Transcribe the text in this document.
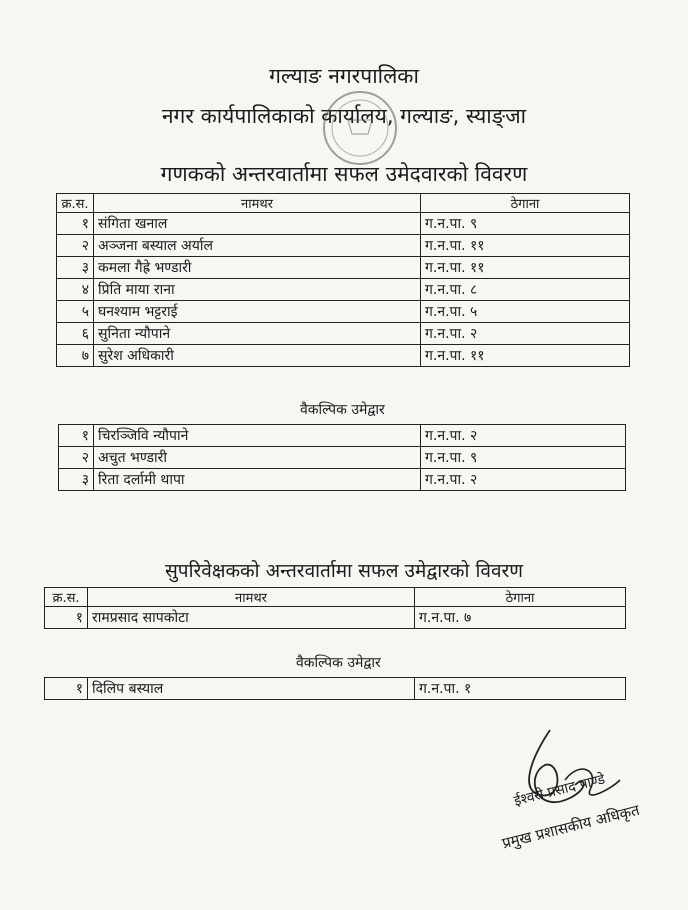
गल्याङ नगरपालिका
नगर कार्यपालिकाको कार्यालय, गल्याङ, स्याङ्जा
गणकको अन्तरवार्तामा सफल उमेदवारको विवरण
क्र.स.	नामथर	ठेगाना
१	संगिता खनाल	ग.न.पा. ९
२	अञ्जना बस्याल अर्याल	ग.न.पा. ११
३	कमला गैह्रे भण्डारी	ग.न.पा. ११
४	प्रिति माया राना	ग.न.पा. ८
५	घनश्याम भट्टराई	ग.न.पा. ५
६	सुनिता न्यौपाने	ग.न.पा. २
७	सुरेश अधिकारी	ग.न.पा. ११
वैकल्पिक उमेद्वार
१	चिरञ्जिवि न्यौपाने	ग.न.पा. २
२	अचुत भण्डारी	ग.न.पा. ९
३	रिता दर्लामी थापा	ग.न.पा. २
सुपरिवेक्षकको अन्तरवार्तामा सफल उमेद्वारको विवरण
क्र.स.	नामथर	ठेगाना
१	रामप्रसाद सापकोटा	ग.न.पा. ७
वैकल्पिक उमेद्वार
१	दिलिप बस्याल	ग.न.पा. १
ईश्वरी प्रसाद पाण्डे
प्रमुख प्रशासकीय अधिकृत
